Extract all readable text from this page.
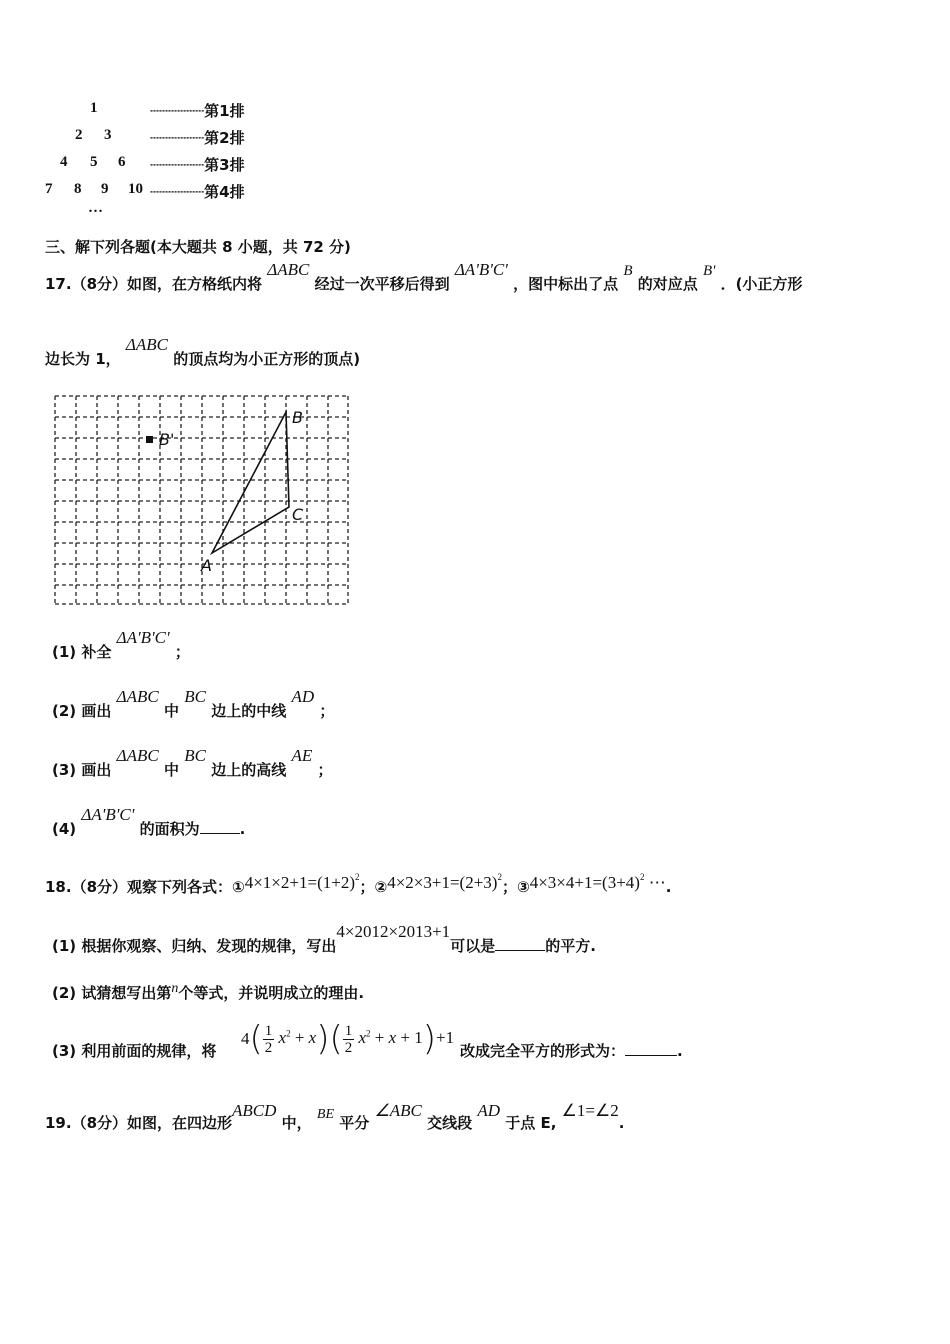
1	┄┄┄┄┄┄第1排
2 3	┄┄┄┄┄┄第2排
4 5 6 ┄┄┄┄┄┄第3排
7 8 9 10 ┄┄┄┄┄┄第4排
…
三、解下列各题(本大题共 8 小题，共 72 分)
17.（8分）如图，在方格纸内将 ΔABC 经过一次平移后得到 ΔA'B'C' ，图中标出了点 B 的对应点 B' ．(小正方形
边长为 1， ΔABC 的顶点均为小正方形的顶点)
B'
B
C
A
(1) 补全 ΔA'B'C' ；
(2) 画出 ΔABC 中 BC 边上的中线 AD ；
(3) 画出 ΔABC 中 BC 边上的高线 AE ；
(4) ΔA'B'C' 的面积为	.
18.（8分）观察下列各式：$①4\times 1\times 2+1=(1+2)^2$；$②4\times 2\times 3+1=(2+3)^2$；$③4\times 3\times 4+1=(3+4)^2$ ⋯.
(1) 根据你观察、归纳、发现的规律，写出4×2012×2013+1可以是	的平方.
(2) 试猜想写出第n个等式，并说明成立的理由.
(3) 利用前面的规律，将
$4( \frac{1}{2} x^2 + x)( \frac{1}{2} x^2 + x + 1)+1$
改成完全平方的形式为：	.
19.（8分）如图，在四边形ABCD 中， BE 平分 ∠ABC 交线段 AD 于点 E, ∠1=∠2.
